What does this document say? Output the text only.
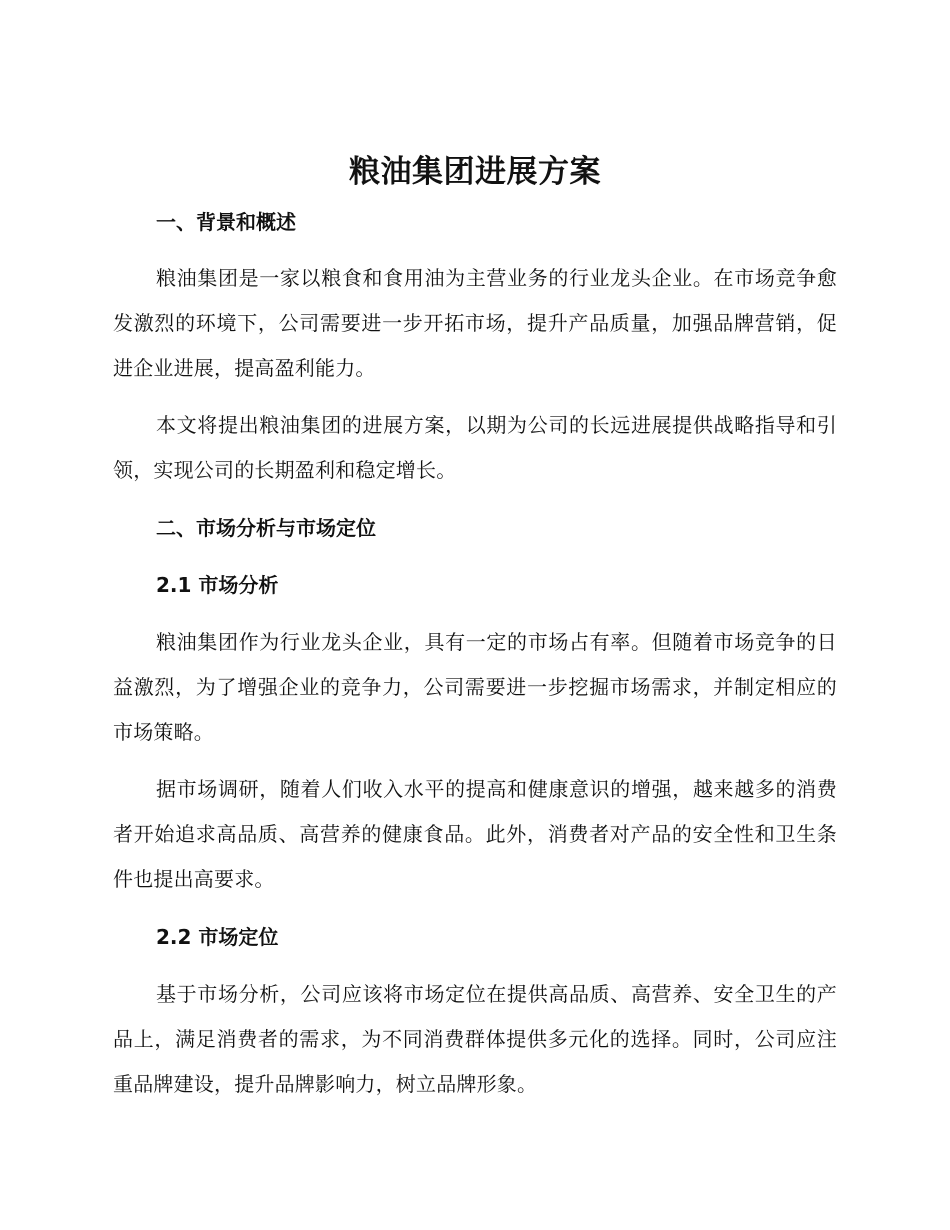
粮油集团进展方案
一、背景和概述
粮油集团是一家以粮食和食用油为主营业务的行业龙头企业。在市场竞争愈发激烈的环境下，公司需要进一步开拓市场，提升产品质量，加强品牌营销，促进企业进展，提高盈利能力。
本文将提出粮油集团的进展方案，以期为公司的长远进展提供战略指导和引领，实现公司的长期盈利和稳定增长。
二、市场分析与市场定位
2.1 市场分析
粮油集团作为行业龙头企业，具有一定的市场占有率。但随着市场竞争的日益激烈，为了增强企业的竞争力，公司需要进一步挖掘市场需求，并制定相应的市场策略。
据市场调研，随着人们收入水平的提高和健康意识的增强，越来越多的消费者开始追求高品质、高营养的健康食品。此外，消费者对产品的安全性和卫生条件也提出高要求。
2.2 市场定位
基于市场分析，公司应该将市场定位在提供高品质、高营养、安全卫生的产品上，满足消费者的需求，为不同消费群体提供多元化的选择。同时，公司应注重品牌建设，提升品牌影响力，树立品牌形象。
